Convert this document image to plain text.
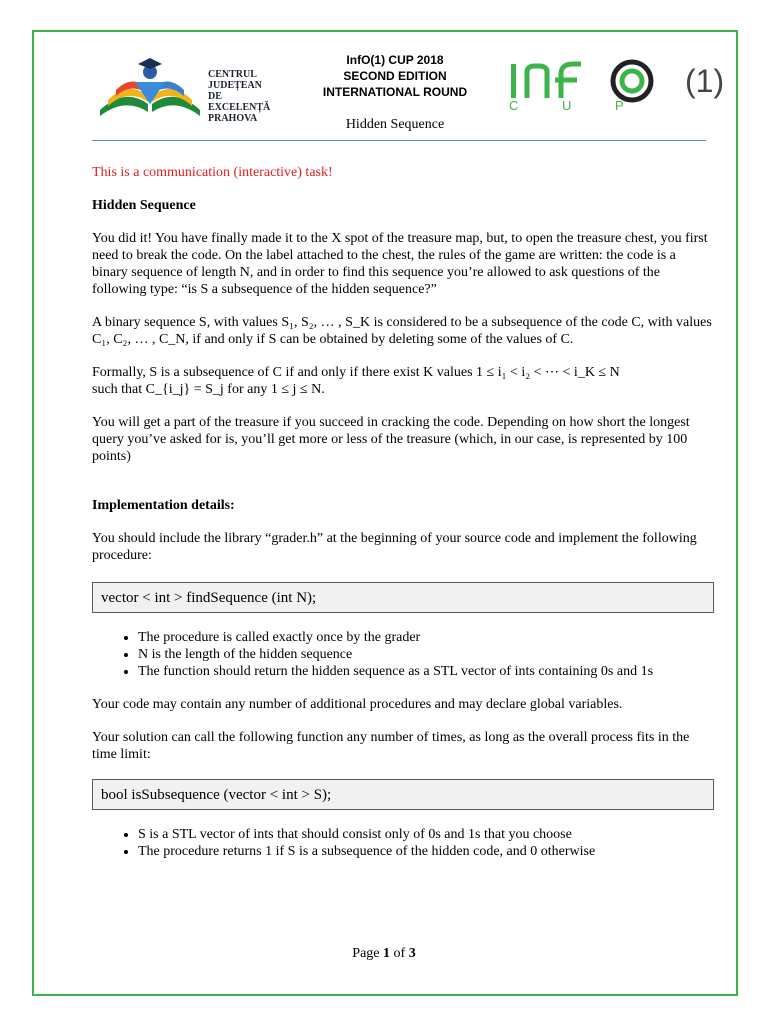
CENTRUL
JUDEȚEAN
DE
EXCELENȚĂ
PRAHOVA
InfO(1) CUP 2018
SECOND EDITION
INTERNATIONAL ROUND
Hidden Sequence
(1)
C U P

This is a communication (interactive) task!

Hidden Sequence

You did it! You have finally made it to the X spot of the treasure map, but, to open the treasure chest, you first need to break the code. On the label attached to the chest, the rules of the game are written: the code is a binary sequence of length N, and in order to find this sequence you’re allowed to ask questions of the following type: “is S a subsequence of the hidden sequence?”

A binary sequence S, with values S₁, S₂, … , S_K is considered to be a subsequence of the code C, with values C₁, C₂, … , C_N, if and only if S can be obtained by deleting some of the values of C.

Formally, S is a subsequence of C if and only if there exist K values 1 ≤ i₁ < i₂ < ⋯ < i_K ≤ N

such that C_{i_j} = S_j for any 1 ≤ j ≤ N.

You will get a part of the treasure if you succeed in cracking the code. Depending on how short the longest query you’ve asked for is, you’ll get more or less of the treasure (which, in our case, is represented by 100 points)

Implementation details:

You should include the library “grader.h” at the beginning of your source code and implement the following procedure:

vector < int > findSequence (int N);
• The procedure is called exactly once by the grader
• N is the length of the hidden sequence
• The function should return the hidden sequence as a STL vector of ints containing 0s and 1s

Your code may contain any number of additional procedures and may declare global variables.

Your solution can call the following function any number of times, as long as the overall process fits in the time limit:

bool isSubsequence (vector < int > S);
• S is a STL vector of ints that should consist only of 0s and 1s that you choose
• The procedure returns 1 if S is a subsequence of the hidden code, and 0 otherwise
Page 1 of 3
